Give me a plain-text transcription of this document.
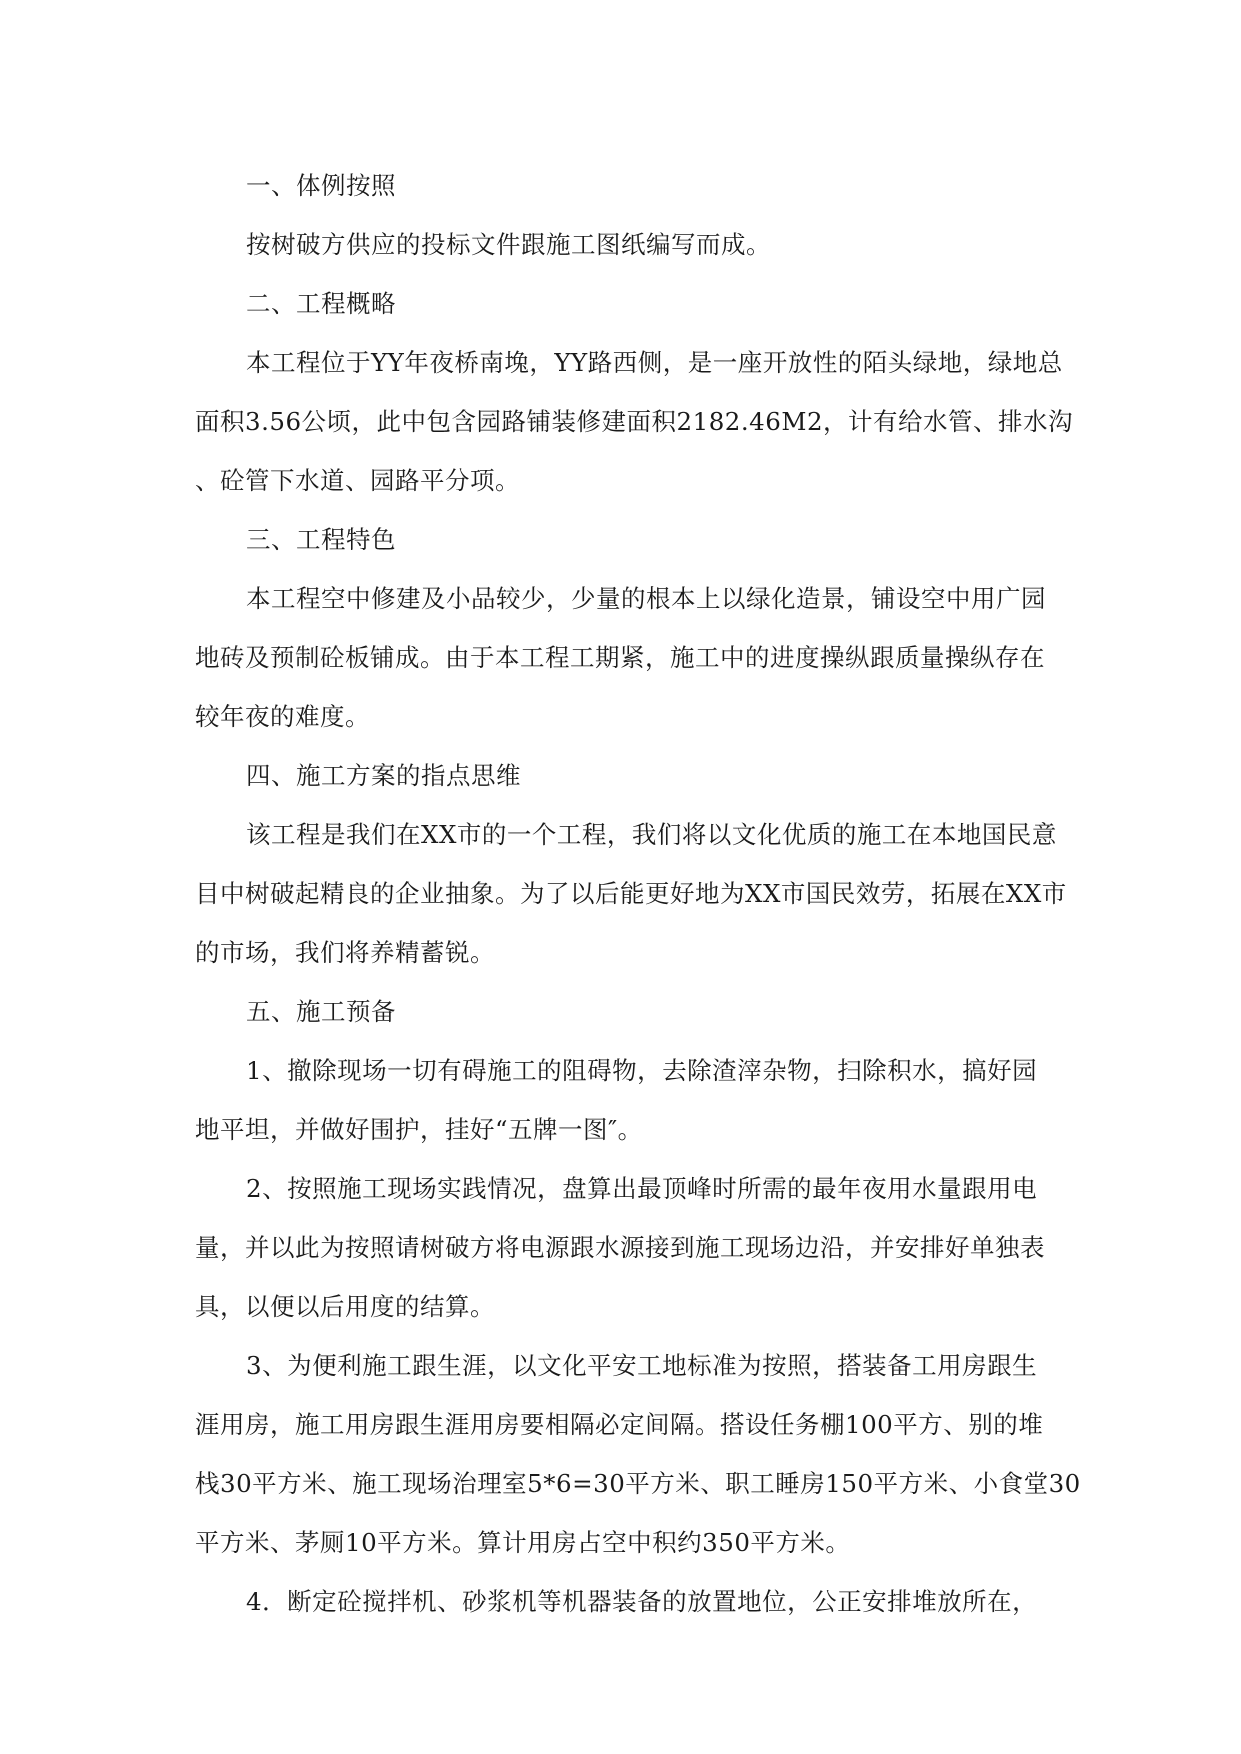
一、体例按照

按树破方供应的投标文件跟施工图纸编写而成。

二、工程概略

本工程位于YY年夜桥南堍，YY路西侧，是一座开放性的陌头绿地，绿地总
面积3.56公顷，此中包含园路铺装修建面积2182.46M2，计有给水管、排水沟
、砼管下水道、园路平分项。

三、工程特色

本工程空中修建及小品较少，少量的根本上以绿化造景，铺设空中用广园
地砖及预制砼板铺成。由于本工程工期紧，施工中的进度操纵跟质量操纵存在
较年夜的难度。

四、施工方案的指点思维

该工程是我们在XX市的一个工程，我们将以文化优质的施工在本地国民意
目中树破起精良的企业抽象。为了以后能更好地为XX市国民效劳，拓展在XX市
的市场，我们将养精蓄锐。

五、施工预备

1、撤除现场一切有碍施工的阻碍物，去除渣滓杂物，扫除积水，搞好园
地平坦，并做好围护，挂好“五牌一图″。

2、按照施工现场实践情况，盘算出最顶峰时所需的最年夜用水量跟用电
量，并以此为按照请树破方将电源跟水源接到施工现场边沿，并安排好单独表
具，以便以后用度的结算。

3、为便利施工跟生涯，以文化平安工地标准为按照，搭装备工用房跟生
涯用房，施工用房跟生涯用房要相隔必定间隔。搭设任务棚100平方、别的堆
栈30平方米、施工现场治理室5*6=30平方米、职工睡房150平方米、小食堂30
平方米、茅厕10平方米。算计用房占空中积约350平方米。

4．断定砼搅拌机、砂浆机等机器装备的放置地位，公正安排堆放所在，
